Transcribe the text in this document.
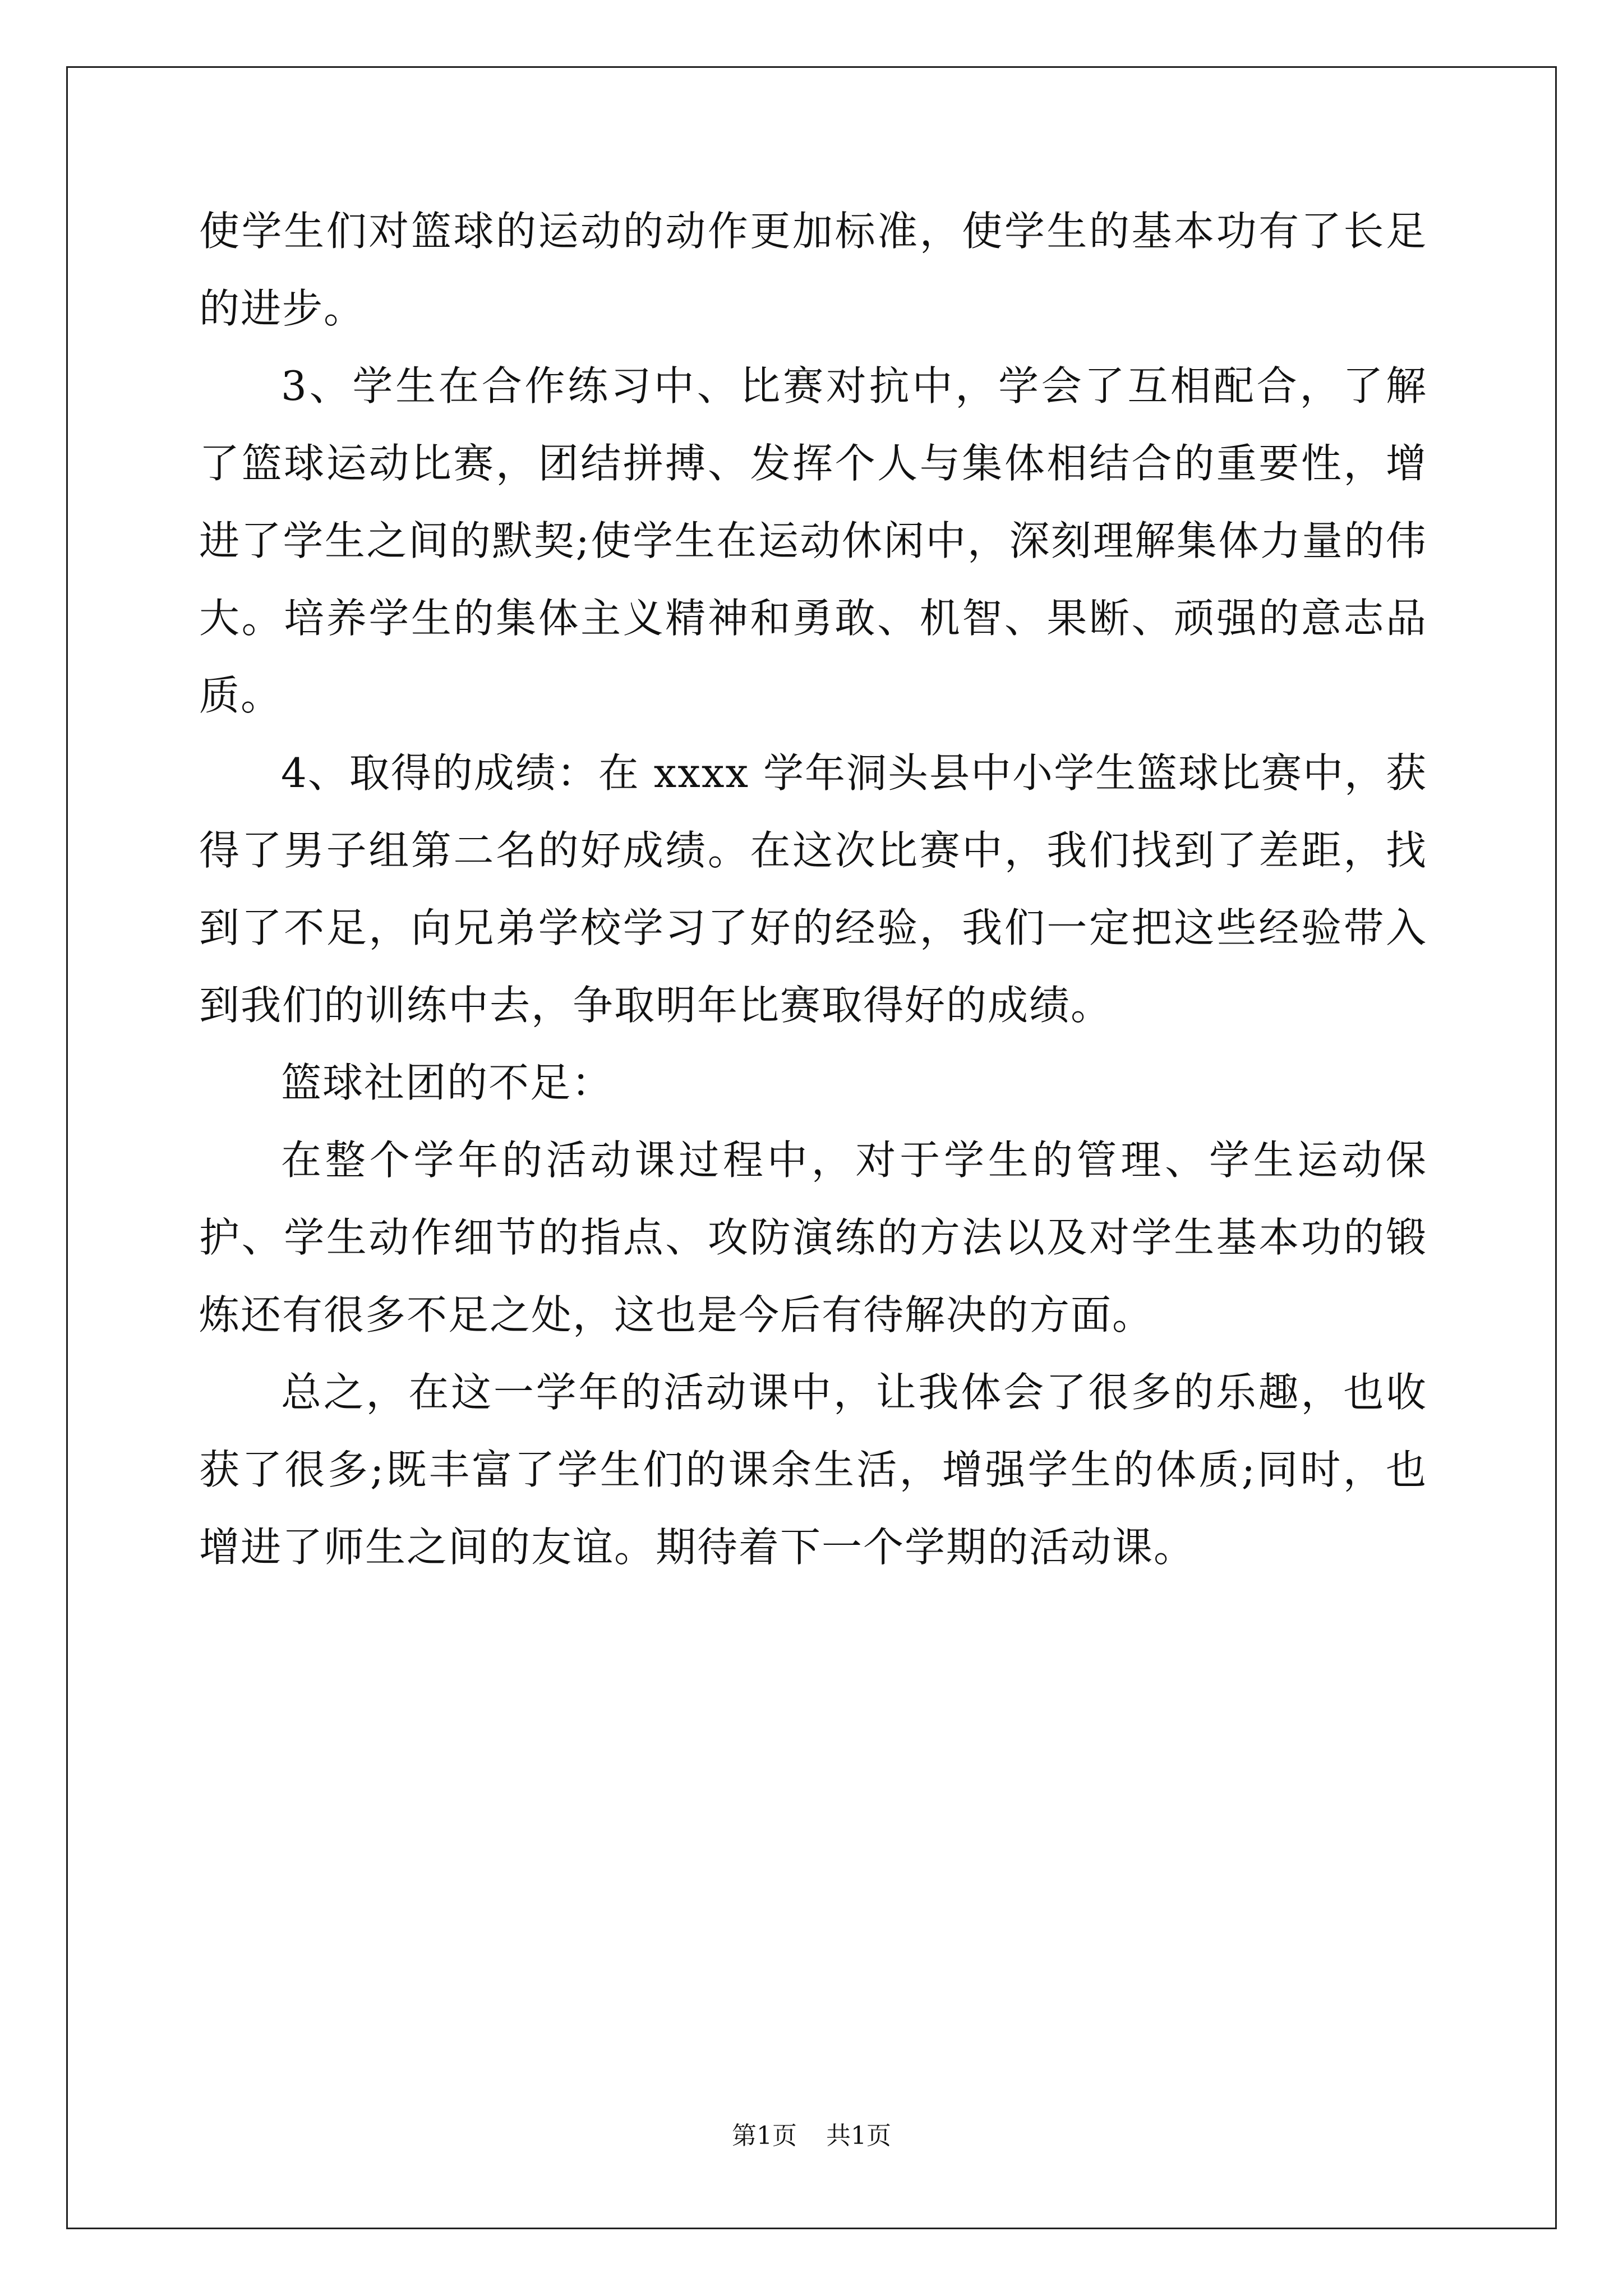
使学生们对篮球的运动的动作更加标准，使学生的基本功有了长足的进步。

3、学生在合作练习中、比赛对抗中，学会了互相配合，了解了篮球运动比赛，团结拼搏、发挥个人与集体相结合的重要性，增进了学生之间的默契;使学生在运动休闲中，深刻理解集体力量的伟大。培养学生的集体主义精神和勇敢、机智、果断、顽强的意志品质。

4、取得的成绩：在 xxxx 学年洞头县中小学生篮球比赛中，获得了男子组第二名的好成绩。在这次比赛中，我们找到了差距，找到了不足，向兄弟学校学习了好的经验，我们一定把这些经验带入到我们的训练中去，争取明年比赛取得好的成绩。

篮球社团的不足：

在整个学年的活动课过程中，对于学生的管理、学生运动保护、学生动作细节的指点、攻防演练的方法以及对学生基本功的锻炼还有很多不足之处，这也是今后有待解决的方面。

总之，在这一学年的活动课中，让我体会了很多的乐趣，也收获了很多;既丰富了学生们的课余生活，增强学生的体质;同时，也增进了师生之间的友谊。期待着下一个学期的活动课。

第1页 共1页
